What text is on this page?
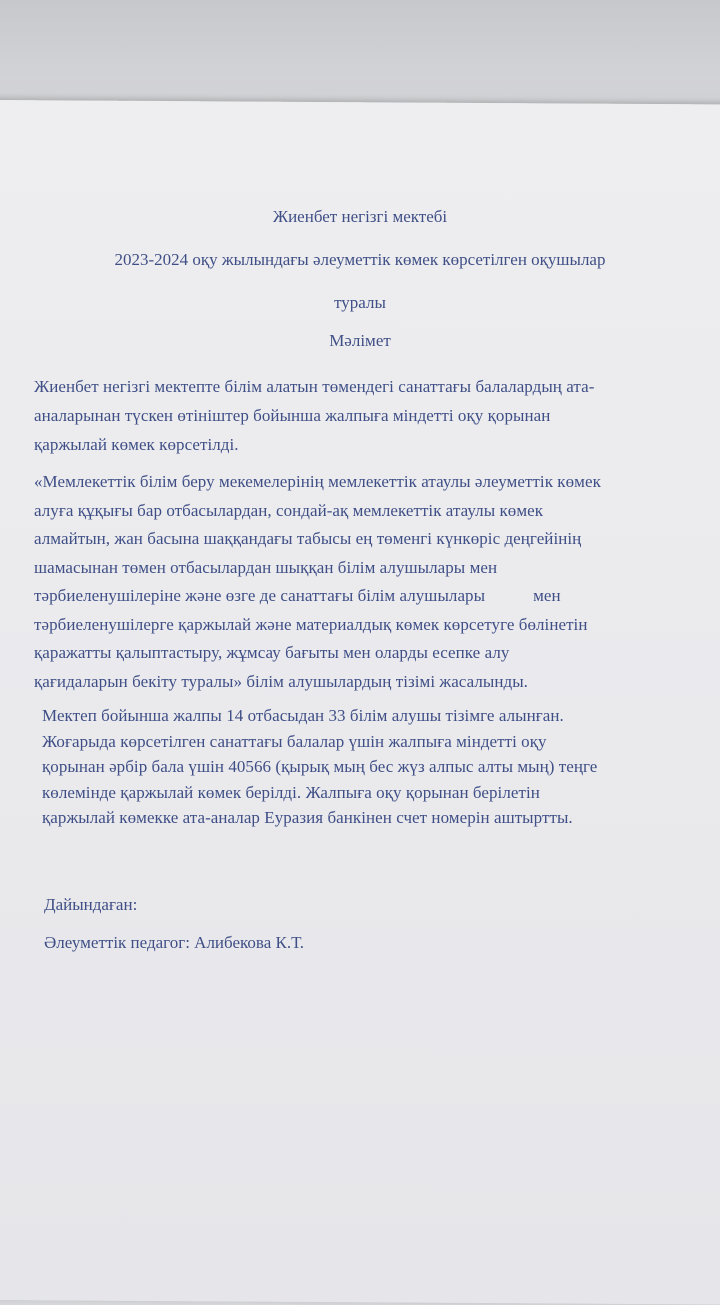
Жиенбет негізгі мектебі
2023-2024 оқу жылындағы әлеуметтік көмек көрсетілген оқушылар
туралы
Мәлімет
Жиенбет негізгі мектепте білім алатын төмендегі санаттағы балалардың ата-
аналарынан түскен өтініштер бойынша жалпыға міндетті оқу қорынан
қаржылай көмек көрсетілді.
«Мемлекеттік білім беру мекемелерінің мемлекеттік атаулы әлеуметтік көмек
алуға құқығы бар отбасылардан, сондай-ақ мемлекеттік атаулы көмек
алмайтын, жан басына шаққандағы табысы ең төменгі күнкөріс деңгейінің
шамасынан төмен отбасылардан шыққан білім алушылары мен
тәрбиеленушілеріне және өзге де санаттағы білім алушылары	мен
тәрбиеленушілерге қаржылай және материалдық көмек көрсетуге бөлінетін
қаражатты қалыптастыру, жұмсау бағыты мен оларды есепке алу
қағидаларын бекіту туралы» білім алушылардың тізімі жасалынды.
Мектеп бойынша жалпы 14 отбасыдан 33 білім алушы тізімге алынған.
Жоғарыда көрсетілген санаттағы балалар үшін жалпыға міндетті оқу
қорынан әрбір бала үшін 40566 (қырық мың бес жүз алпыс алты мың) теңге
көлемінде қаржылай көмек берілді. Жалпыға оқу қорынан берілетін
қаржылай көмекке ата-аналар Еуразия банкінен счет номерін аштыртты.
Дайындаған:
Әлеуметтік педагог: Алибекова К.Т.
